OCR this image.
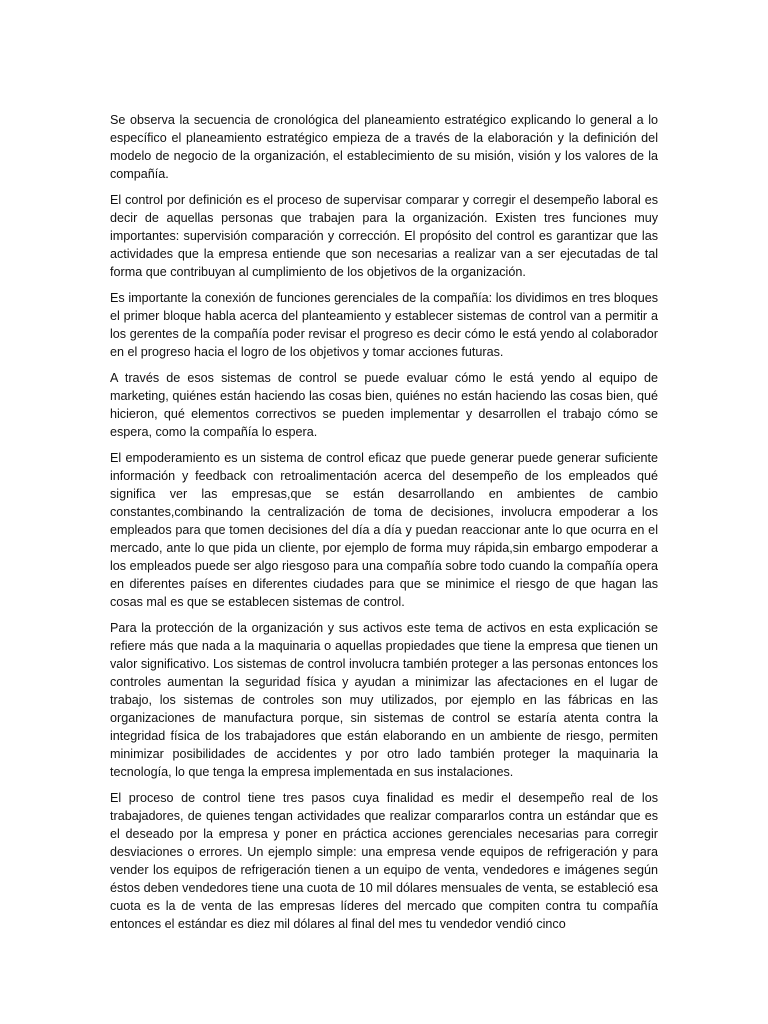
Se observa la secuencia de cronológica del planeamiento estratégico explicando lo general a lo específico el planeamiento estratégico empieza de a través de la elaboración y la definición del modelo de negocio de la organización, el establecimiento de su misión, visión y los valores de la compañía.

El control por definición es el proceso de supervisar comparar y corregir el desempeño laboral es decir de aquellas personas que trabajen para la organización. Existen tres funciones muy importantes: supervisión comparación y corrección. El propósito del control es garantizar que las actividades que la empresa entiende que son necesarias a realizar van a ser ejecutadas de tal forma que contribuyan al cumplimiento de los objetivos de la organización.

Es importante la conexión de funciones gerenciales de la compañía: los dividimos en tres bloques el primer bloque habla acerca del planteamiento y establecer sistemas de control van a permitir a los gerentes de la compañía poder revisar el progreso es decir cómo le está yendo al colaborador en el progreso hacia el logro de los objetivos y tomar acciones futuras.

A través de esos sistemas de control se puede evaluar cómo le está yendo al equipo de marketing, quiénes están haciendo las cosas bien, quiénes no están haciendo las cosas bien, qué hicieron, qué elementos correctivos se pueden implementar y desarrollen el trabajo cómo se espera, como la compañía lo espera.

El empoderamiento es un sistema de control eficaz que puede generar puede generar suficiente información y feedback con retroalimentación acerca del desempeño de los empleados qué significa ver las empresas,que se están desarrollando en ambientes de cambio constantes,combinando la centralización de toma de decisiones, involucra empoderar a los empleados para que tomen decisiones del día a día y puedan reaccionar ante lo que ocurra en el mercado, ante lo que pida un cliente, por ejemplo de forma muy rápida,sin embargo empoderar a los empleados puede ser algo riesgoso para una compañía sobre todo cuando la compañía opera en diferentes países en diferentes ciudades para que se minimice el riesgo de que hagan las cosas mal es que se establecen sistemas de control.

Para la protección de la organización y sus activos este tema de activos en esta explicación se refiere más que nada a la maquinaria o aquellas propiedades que tiene la empresa que tienen un valor significativo. Los sistemas de control involucra también proteger a las personas entonces los controles aumentan la seguridad física y ayudan a minimizar las afectaciones en el lugar de trabajo, los sistemas de controles son muy utilizados, por ejemplo en las fábricas en las organizaciones de manufactura porque, sin sistemas de control se estaría atenta contra la integridad física de los trabajadores que están elaborando en un ambiente de riesgo, permiten minimizar posibilidades de accidentes y por otro lado también proteger la maquinaria la tecnología, lo que tenga la empresa implementada en sus instalaciones.

El proceso de control tiene tres pasos cuya finalidad es medir el desempeño real de los trabajadores, de quienes tengan actividades que realizar compararlos contra un estándar que es el deseado por la empresa y poner en práctica acciones gerenciales necesarias para corregir desviaciones o errores. Un ejemplo simple: una empresa vende equipos de refrigeración y para vender los equipos de refrigeración tienen a un equipo de venta, vendedores e imágenes según éstos deben vendedores tiene una cuota de 10 mil dólares mensuales de venta, se estableció esa cuota es la de venta de las empresas líderes del mercado que compiten contra tu compañía entonces el estándar es diez mil dólares al final del mes tu vendedor vendió cinco
